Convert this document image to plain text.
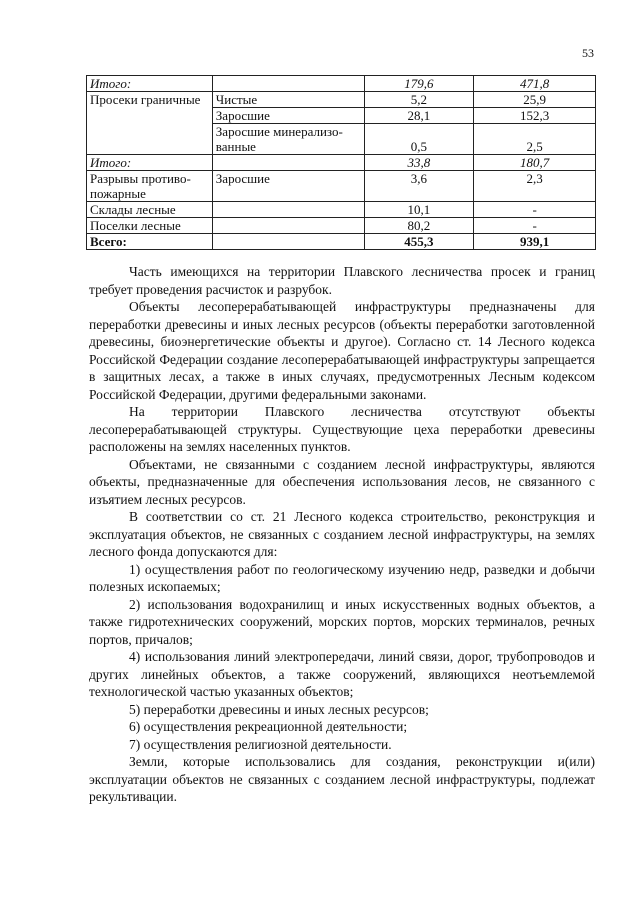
53
Итого:		179,6	471,8
Просеки граничные	Чистые	5,2	25,9
	Заросшие	28,1	152,3
	Заросшие минерализо-ванные	0,5	2,5
Итого:		33,8	180,7
Разрывы противо-пожарные	Заросшие	3,6	2,3
Склады лесные		10,1	-
Поселки лесные		80,2	-
Всего:		455,3	939,1

Часть имеющихся на территории Плавского лесничества просек и границ требует проведения расчисток и разрубок.

Объекты лесоперерабатывающей инфраструктуры предназначены для переработки древесины и иных лесных ресурсов (объекты переработки заготовленной древесины, биоэнергетические объекты и другое). Согласно ст. 14 Лесного кодекса Российской Федерации создание лесоперерабатывающей инфраструктуры запрещается в защитных лесах, а также в иных случаях, предусмотренных Лесным кодексом Российской Федерации, другими федеральными законами.

На территории Плавского лесничества отсутствуют объекты лесоперерабатывающей структуры. Существующие цеха переработки древесины расположены на землях населенных пунктов.

Объектами, не связанными с созданием лесной инфраструктуры, являются объекты, предназначенные для обеспечения использования лесов, не связанного с изъятием лесных ресурсов.

В соответствии со ст. 21 Лесного кодекса строительство, реконструкция и эксплуатация объектов, не связанных с созданием лесной инфраструктуры, на землях лесного фонда допускаются для:

1) осуществления работ по геологическому изучению недр, разведки и добычи полезных ископаемых;

2) использования водохранилищ и иных искусственных водных объектов, а также гидротехнических сооружений, морских портов, морских терминалов, речных портов, причалов;

4) использования линий электропередачи, линий связи, дорог, трубопроводов и других линейных объектов, а также сооружений, являющихся неотъемлемой технологической частью указанных объектов;

5) переработки древесины и иных лесных ресурсов;

6) осуществления рекреационной деятельности;

7) осуществления религиозной деятельности.

Земли, которые использовались для создания, реконструкции и(или) эксплуатации объектов не связанных с созданием лесной инфраструктуры, подлежат рекультивации.
